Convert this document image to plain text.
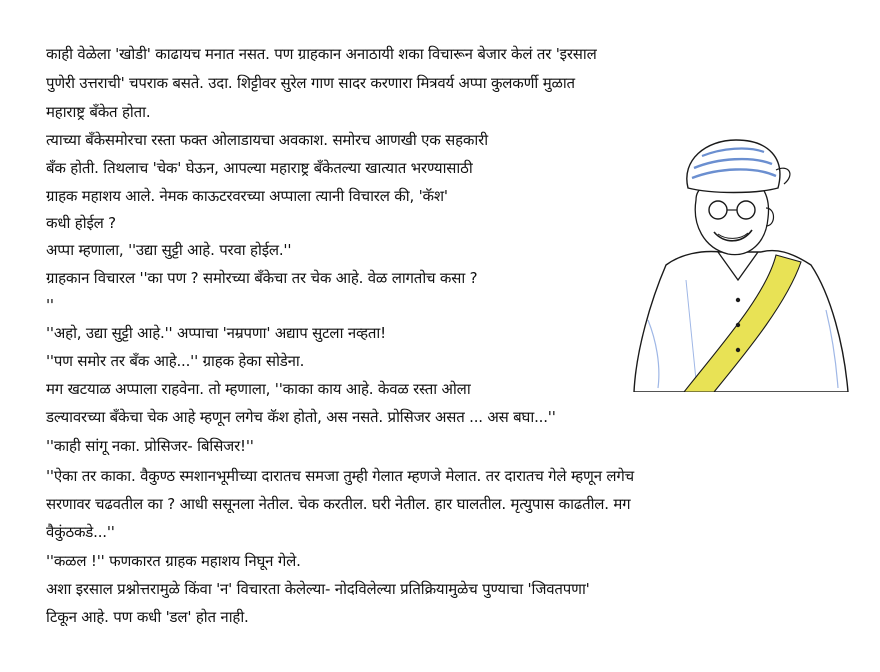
काही वेळेला 'खोडी' काढायच मनात नसत. पण ग्राहकान अनाठायी शका विचारून बेजार केलं तर 'इरसाल
पुणेरी उत्तराची' चपराक बसते. उदा. शिट्टीवर सुरेल गाण सादर करणारा मित्रवर्य अप्पा कुलकर्णी मुळात
महाराष्ट्र बँकेत होता.
त्याच्या बँकेसमोरचा रस्ता फक्त ओलाडायचा अवकाश. समोरच आणखी एक सहकारी
बँक होती. तिथलाच 'चेक' घेऊन, आपल्या महाराष्ट्र बँकेतल्या खात्यात भरण्यासाठी
ग्राहक महाशय आले. नेमक काऊटरवरच्या अप्पाला त्यानी विचारल की, 'कॅश'
कधी होईल ?
अप्पा म्हणाला, ''उद्या सुट्टी आहे. परवा होईल.''
ग्राहकान विचारल ''का पण ? समोरच्या बँकेचा तर चेक आहे. वेळ लागतोच कसा ?
''
''अहो, उद्या सुट्टी आहे.'' अप्पाचा 'नम्रपणा' अद्याप सुटला नव्हता!
''पण समोर तर बँक आहे...'' ग्राहक हेका सोडेना.
मग खटयाळ अप्पाला राहवेना. तो म्हणाला, ''काका काय आहे. केवळ रस्ता ओला
डल्यावरच्या बँकेचा चेक आहे म्हणून लगेच कॅश होतो, अस नसते. प्रोसिजर असत ... अस बघा...''
''काही सांगू नका. प्रोसिजर- बिसिजर!''
''ऐका तर काका. वैकुण्ठ स्मशानभूमीच्या दारातच समजा तुम्ही गेलात म्हणजे मेलात. तर दारातच गेले म्हणून लगेच
सरणावर चढवतील का ? आधी ससूनला नेतील. चेक करतील. घरी नेतील. हार घालतील. मृत्युपास काढतील. मग
वैकुंठकडे...''
''कळल !'' फणकारत ग्राहक महाशय निघून गेले.
अशा इरसाल प्रश्नोत्तरामुळे किंवा 'न' विचारता केलेल्या- नोदविलेल्या प्रतिक्रियामुळेच पुण्याचा 'जिवतपणा'
टिकून आहे. पण कधी 'डल' होत नाही.
